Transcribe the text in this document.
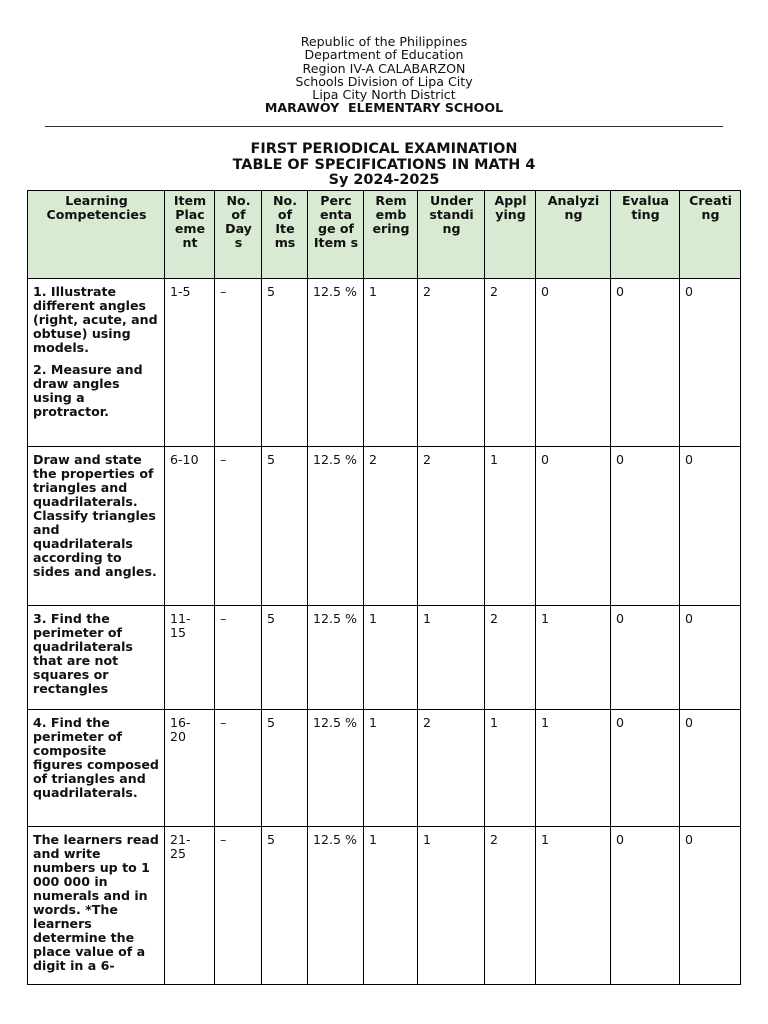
Republic of the Philippines
Department of Education
Region IV-A CALABARZON
Schools Division of Lipa City
Lipa City North District
MARAWOY  ELEMENTARY SCHOOL
FIRST PERIODICAL EXAMINATION
TABLE OF SPECIFICATIONS IN MATH 4
Sy 2024-2025
Learning Competencies	Item Plac eme nt	No. of Day s	No. of Ite ms	Perc enta ge of Item s	Rem emb ering	Under standi ng	Appl ying	Analyzi ng	Evalua ting	Creati ng

1. Illustrate different angles (right, acute, and obtuse) using models.

2. Measure and draw angles using a protractor.	1-5	–	5	12.5 %	1	2	2	0	0	0

Draw and state the properties of triangles and quadrilaterals. Classify triangles and quadrilaterals according to sides and angles.	6-10	–	5	12.5 %	2	2	1	0	0	0

3. Find the perimeter of quadrilaterals that are not squares or rectangles	11- 15	–	5	12.5 %	1	1	2	1	0	0

4. Find the perimeter of composite figures composed of triangles and quadrilaterals.	16- 20	–	5	12.5 %	1	2	1	1	0	0

The learners read and write numbers up to 1 000 000 in numerals and in words. *The learners determine the place value of a digit in a 6-	21- 25	–	5	12.5 %	1	1	2	1	0	0
